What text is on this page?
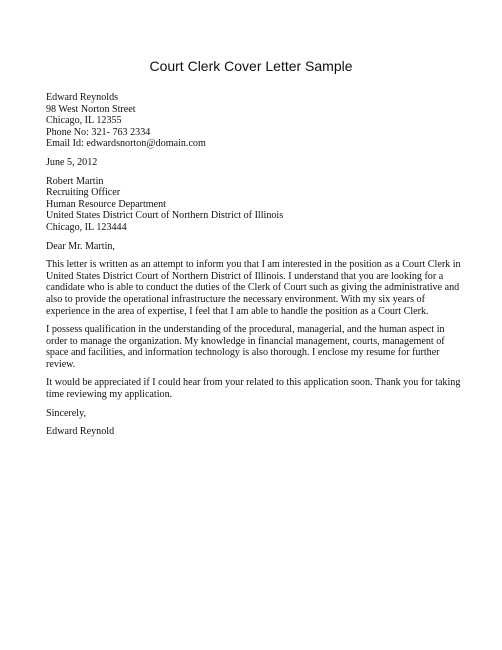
Court Clerk Cover Letter Sample
Edward Reynolds
98 West Norton Street
Chicago, IL 12355
Phone No: 321- 763 2334
Email Id: edwardsnorton@domain.com
June 5, 2012
Robert Martin
Recruiting Officer
Human Resource Department
United States District Court of Northern District of Illinois
Chicago, IL 123444
Dear Mr. Martin,
This letter is written as an attempt to inform you that I am interested in the position as a Court Clerk in
United States District Court of Northern District of Illinois. I understand that you are looking for a
candidate who is able to conduct the duties of the Clerk of Court such as giving the administrative and
also to provide the operational infrastructure the necessary environment. With my six years of
experience in the area of expertise, I feel that I am able to handle the position as a Court Clerk.
I possess qualification in the understanding of the procedural, managerial, and the human aspect in
order to manage the organization. My knowledge in financial management, courts, management of
space and facilities, and information technology is also thorough. I enclose my resume for further
review.
It would be appreciated if I could hear from your related to this application soon. Thank you for taking
time reviewing my application.
Sincerely,
Edward Reynold
